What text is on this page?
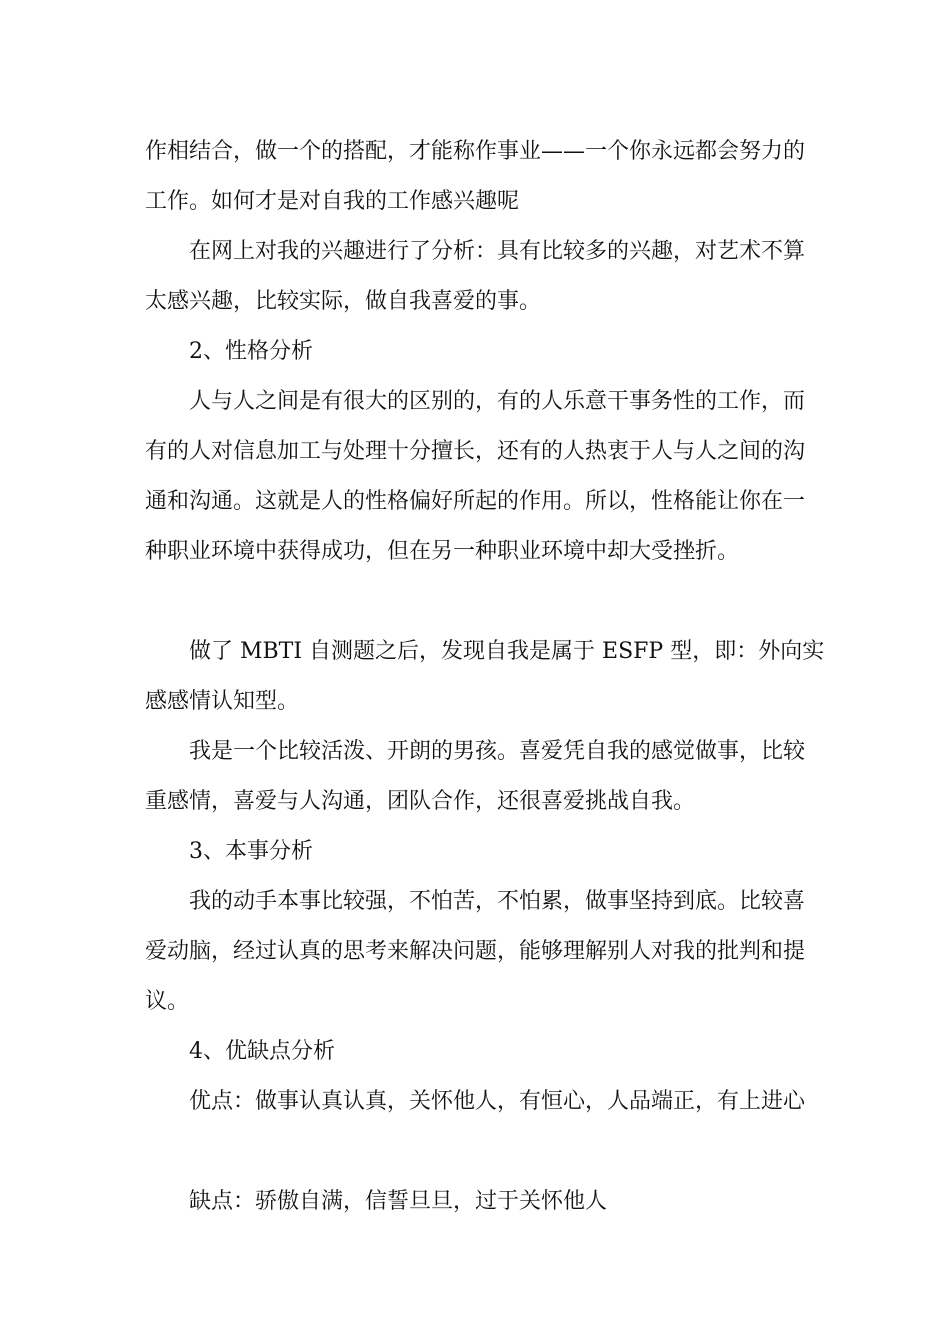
作相结合，做一个的搭配，才能称作事业——一个你永远都会努力的工作。如何才是对自我的工作感兴趣呢

在网上对我的兴趣进行了分析：具有比较多的兴趣，对艺术不算太感兴趣，比较实际，做自我喜爱的事。

2、性格分析

人与人之间是有很大的区别的，有的人乐意干事务性的工作，而有的人对信息加工与处理十分擅长，还有的人热衷于人与人之间的沟通和沟通。这就是人的性格偏好所起的作用。所以，性格能让你在一种职业环境中获得成功，但在另一种职业环境中却大受挫折。

做了 MBTI 自测题之后，发现自我是属于 ESFP 型，即：外向实感感情认知型。

我是一个比较活泼、开朗的男孩。喜爱凭自我的感觉做事，比较重感情，喜爱与人沟通，团队合作，还很喜爱挑战自我。

3、本事分析

我的动手本事比较强，不怕苦，不怕累，做事坚持到底。比较喜爱动脑，经过认真的思考来解决问题，能够理解别人对我的批判和提议。

4、优缺点分析

优点：做事认真认真，关怀他人，有恒心，人品端正，有上进心

缺点：骄傲自满，信誓旦旦，过于关怀他人
